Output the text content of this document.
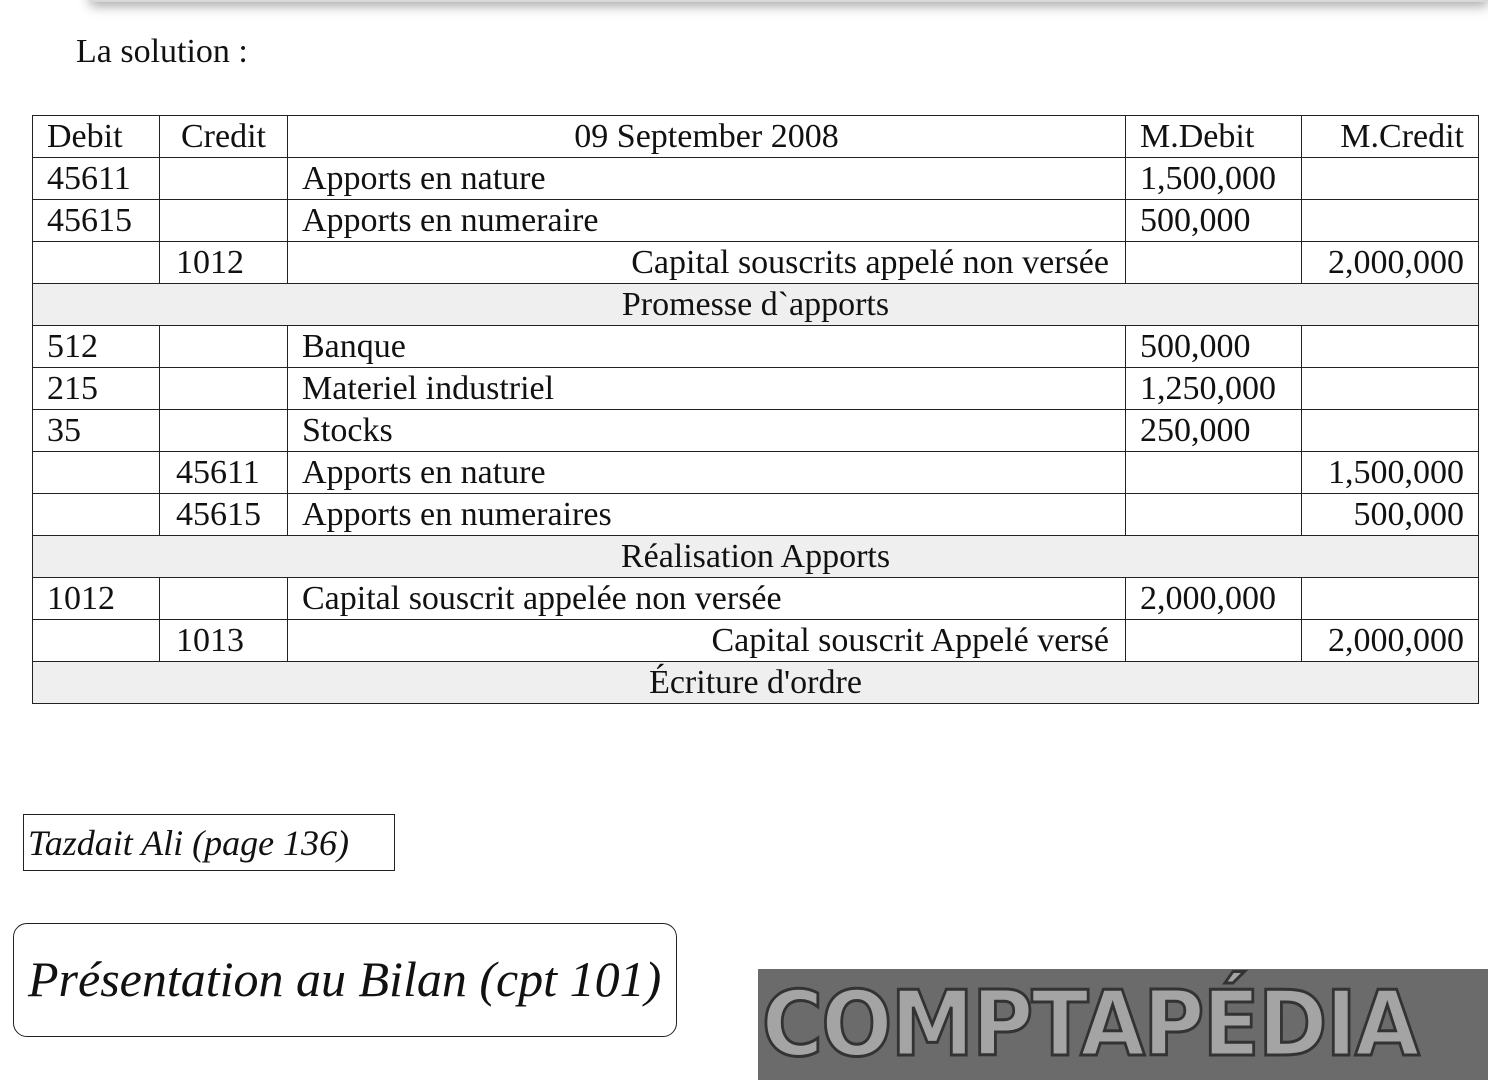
La solution :
Debit	Credit	09 September 2008	M.Debit	M.Credit
45611		Apports en nature	1,500,000	
45615		Apports en numeraire	500,000	
	1012	Capital souscrits appelé non versée		2,000,000
Promesse d`apports				
512		Banque	500,000	
215		Materiel industriel	1,250,000	
35		Stocks	250,000	
	45611	Apports en nature		1,500,000
	45615	Apports en numeraires		500,000
Réalisation Apports				
1012		Capital souscrit appelée non versée	2,000,000	
	1013	Capital souscrit Appelé versé		2,000,000
Écriture d'ordre				
Tazdait Ali (page 136)
Présentation au Bilan (cpt 101) COMPTAPÉDIA
